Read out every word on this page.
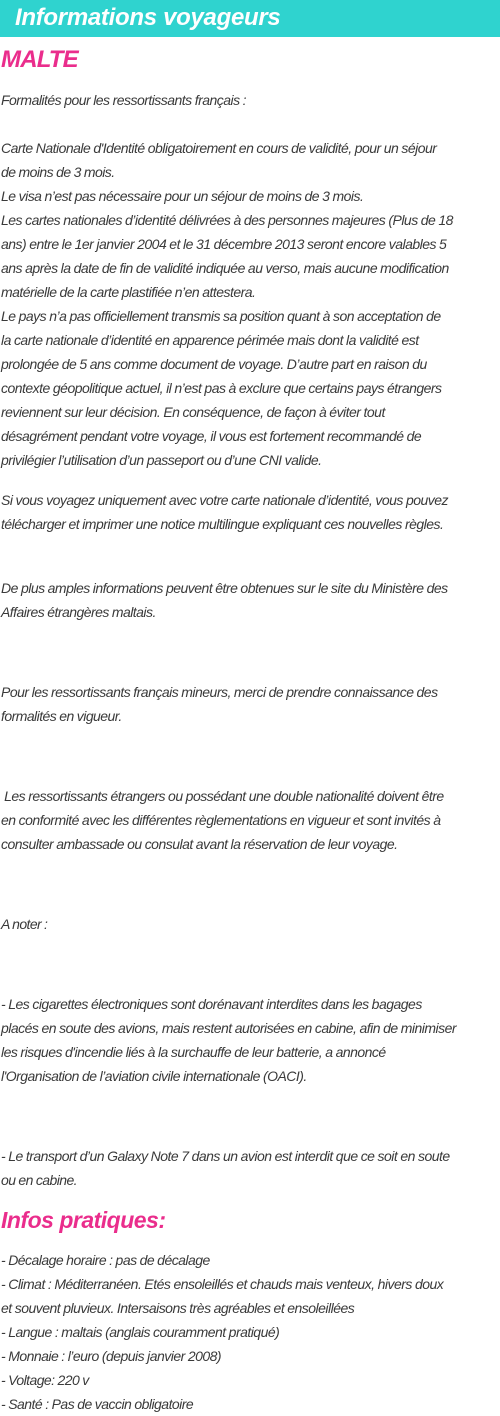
Informations voyageurs
MALTE
Formalités pour les ressortissants français :
Carte Nationale d'Identité obligatoirement en cours de validité, pour un séjour
de moins de 3 mois.
Le visa n’est pas nécessaire pour un séjour de moins de 3 mois.
Les cartes nationales d’identité délivrées à des personnes majeures (Plus de 18
ans) entre le 1er janvier 2004 et le 31 décembre 2013 seront encore valables 5
ans après la date de fin de validité indiquée au verso, mais aucune modification
matérielle de la carte plastifiée n’en attestera.
Le pays n’a pas officiellement transmis sa position quant à son acceptation de
la carte nationale d’identité en apparence périmée mais dont la validité est
prolongée de 5 ans comme document de voyage. D’autre part en raison du
contexte géopolitique actuel, il n’est pas à exclure que certains pays étrangers
reviennent sur leur décision. En conséquence, de façon à éviter tout
désagrément pendant votre voyage, il vous est fortement recommandé de
privilégier l’utilisation d’un passeport ou d’une CNI valide.
Si vous voyagez uniquement avec votre carte nationale d’identité, vous pouvez
télécharger et imprimer une notice multilingue expliquant ces nouvelles règles.
De plus amples informations peuvent être obtenues sur le site du Ministère des
Affaires étrangères maltais.
Pour les ressortissants français mineurs, merci de prendre connaissance des
formalités en vigueur.
Les ressortissants étrangers ou possédant une double nationalité doivent être
en conformité avec les différentes règlementations en vigueur et sont invités à
consulter ambassade ou consulat avant la réservation de leur voyage.
A noter :
- Les cigarettes électroniques sont dorénavant interdites dans les bagages
placés en soute des avions, mais restent autorisées en cabine, afin de minimiser
les risques d'incendie liés à la surchauffe de leur batterie, a annoncé
l'Organisation de l’aviation civile internationale (OACI).
- Le transport d’un Galaxy Note 7 dans un avion est interdit que ce soit en soute
ou en cabine.
Infos pratiques:
- Décalage horaire : pas de décalage
- Climat : Méditerranéen. Etés ensoleillés et chauds mais venteux, hivers doux
et souvent pluvieux. Intersaisons très agréables et ensoleillées
- Langue : maltais (anglais couramment pratiqué)
- Monnaie : l’euro (depuis janvier 2008)
- Voltage: 220 v
- Santé : Pas de vaccin obligatoire
